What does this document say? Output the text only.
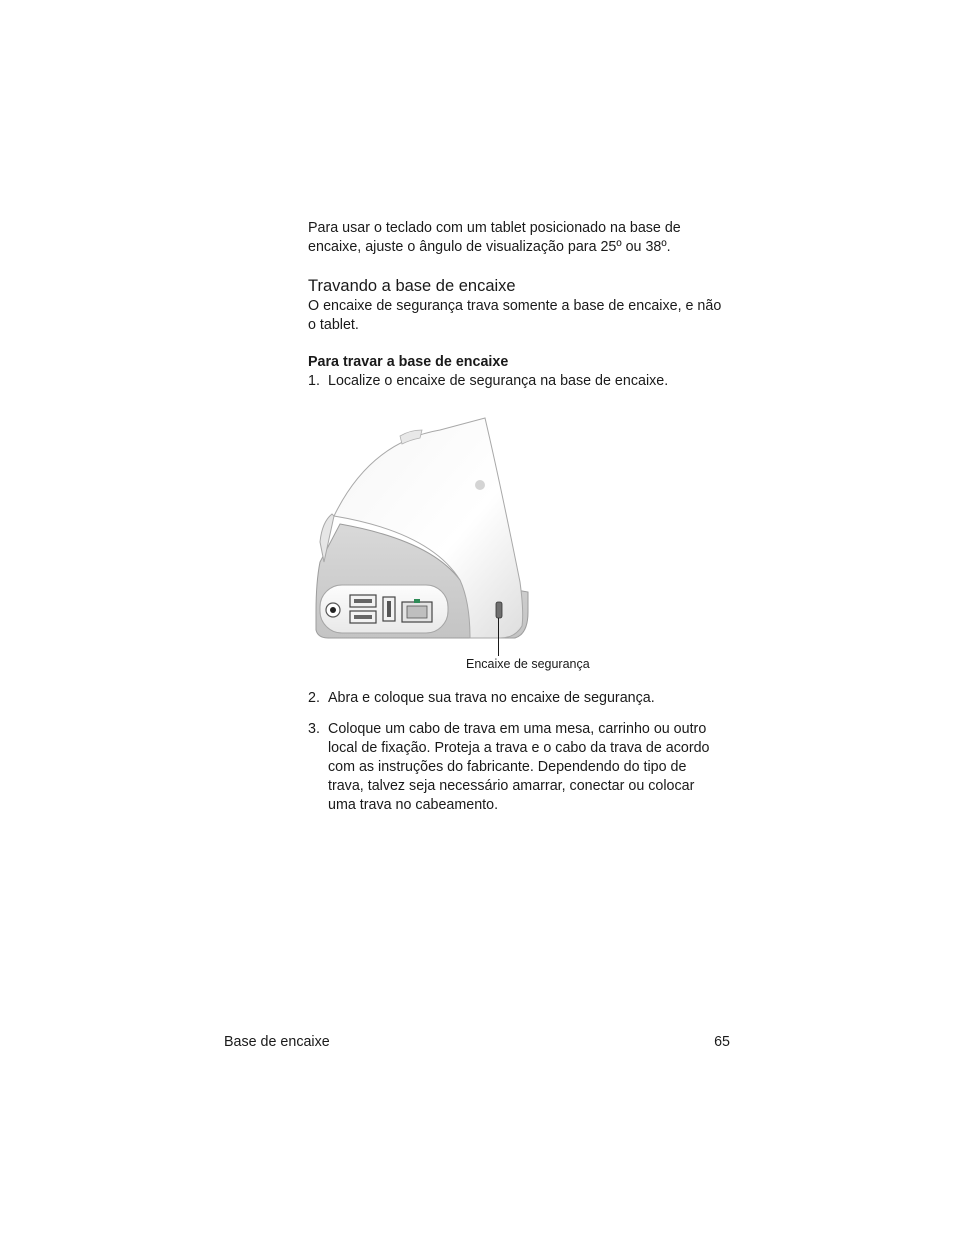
Para usar o teclado com um tablet posicionado na base de encaixe, ajuste o ângulo de visualização para 25º ou 38º.

Travando a base de encaixe

O encaixe de segurança trava somente a base de encaixe, e não o tablet.

Para travar a base de encaixe

1. Localize o encaixe de segurança na base de encaixe.

Encaixe de segurança

2. Abra e coloque sua trava no encaixe de segurança.
3. Coloque um cabo de trava em uma mesa, carrinho ou outro local de fixação. Proteja a trava e o cabo da trava de acordo com as instruções do fabricante. Dependendo do tipo de trava, talvez seja necessário amarrar, conectar ou colocar uma trava no cabeamento.
Base de encaixe	65
